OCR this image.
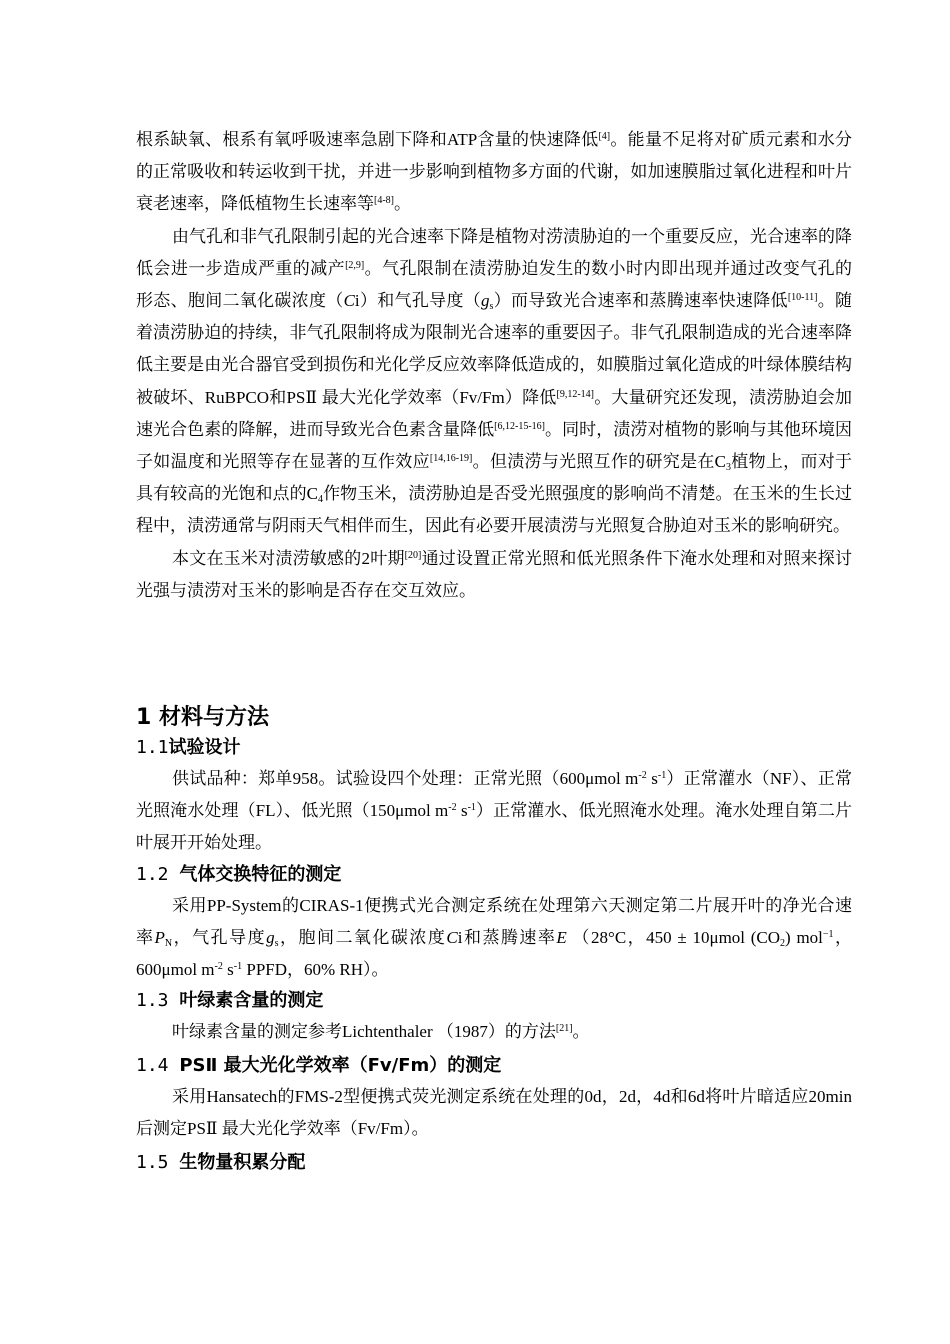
根系缺氧、根系有氧呼吸速率急剧下降和ATP含量的快速降低[4]。能量不足将对矿质元素和水分的正常吸收和转运收到干扰，并进一步影响到植物多方面的代谢，如加速膜脂过氧化进程和叶片衰老速率，降低植物生长速率等[4-8]。

由气孔和非气孔限制引起的光合速率下降是植物对涝渍胁迫的一个重要反应，光合速率的降低会进一步造成严重的减产[2,9]。气孔限制在渍涝胁迫发生的数小时内即出现并通过改变气孔的形态、胞间二氧化碳浓度（Ci）和气孔导度$(g_s)$而导致光合速率和蒸腾速率快速降低[10-11]。随着渍涝胁迫的持续，非气孔限制将成为限制光合速率的重要因子。非气孔限制造成的光合速率降低主要是由光合器官受到损伤和光化学反应效率降低造成的，如膜脂过氧化造成的叶绿体膜结构被破坏、RuBPCO和PSⅡ 最大光化学效率（Fv/Fm）降低[9,12-14]。大量研究还发现，渍涝胁迫会加速光合色素的降解，进而导致光合色素含量降低[6,12-15-16]。同时，渍涝对植物的影响与其他环境因子如温度和光照等存在显著的互作效应[14,16-19]。但渍涝与光照互作的研究是在$C_3$植物上，而对于具有较高的光饱和点的$C_4$作物玉米，渍涝胁迫是否受光照强度的影响尚不清楚。在玉米的生长过程中，渍涝通常与阴雨天气相伴而生，因此有必要开展渍涝与光照复合胁迫对玉米的影响研究。

本文在玉米对渍涝敏感的2叶期[20]通过设置正常光照和低光照条件下淹水处理和对照来探讨光强与渍涝对玉米的影响是否存在交互效应。

1 材料与方法
1.1试验设计

供试品种：郑单958。试验设四个处理：正常光照（600μmol $m^{-2}$ $s^{-1}$）正常灌水（NF）、正常光照淹水处理（FL）、低光照（150μmol $m^{-2}$ $s^{-1}$）正常灌水、低光照淹水处理。淹水处理自第二片叶展开开始处理。

1.2 气体交换特征的测定

采用PP-System的CIRAS-1便携式光合测定系统在处理第六天测定第二片展开叶的净光合速率$P_N$，气孔导度$g_s$，胞间二氧化碳浓度Ci和蒸腾速率E （28°C，450 ± 10μmol $(CO_2)$ mol$^{-1}$，600μmol $m^{-2}$ $s^{-1}$ PPFD，60% RH）。

1.3 叶绿素含量的测定

叶绿素含量的测定参考Lichtenthaler （1987）的方法[21]。

1.4 PSⅡ 最大光化学效率（Fv/Fm）的测定

采用Hansatech的FMS-2型便携式荧光测定系统在处理的0d，2d，4d和6d将叶片暗适应20min后测定PSⅡ 最大光化学效率（Fv/Fm）。

1.5 生物量积累分配
